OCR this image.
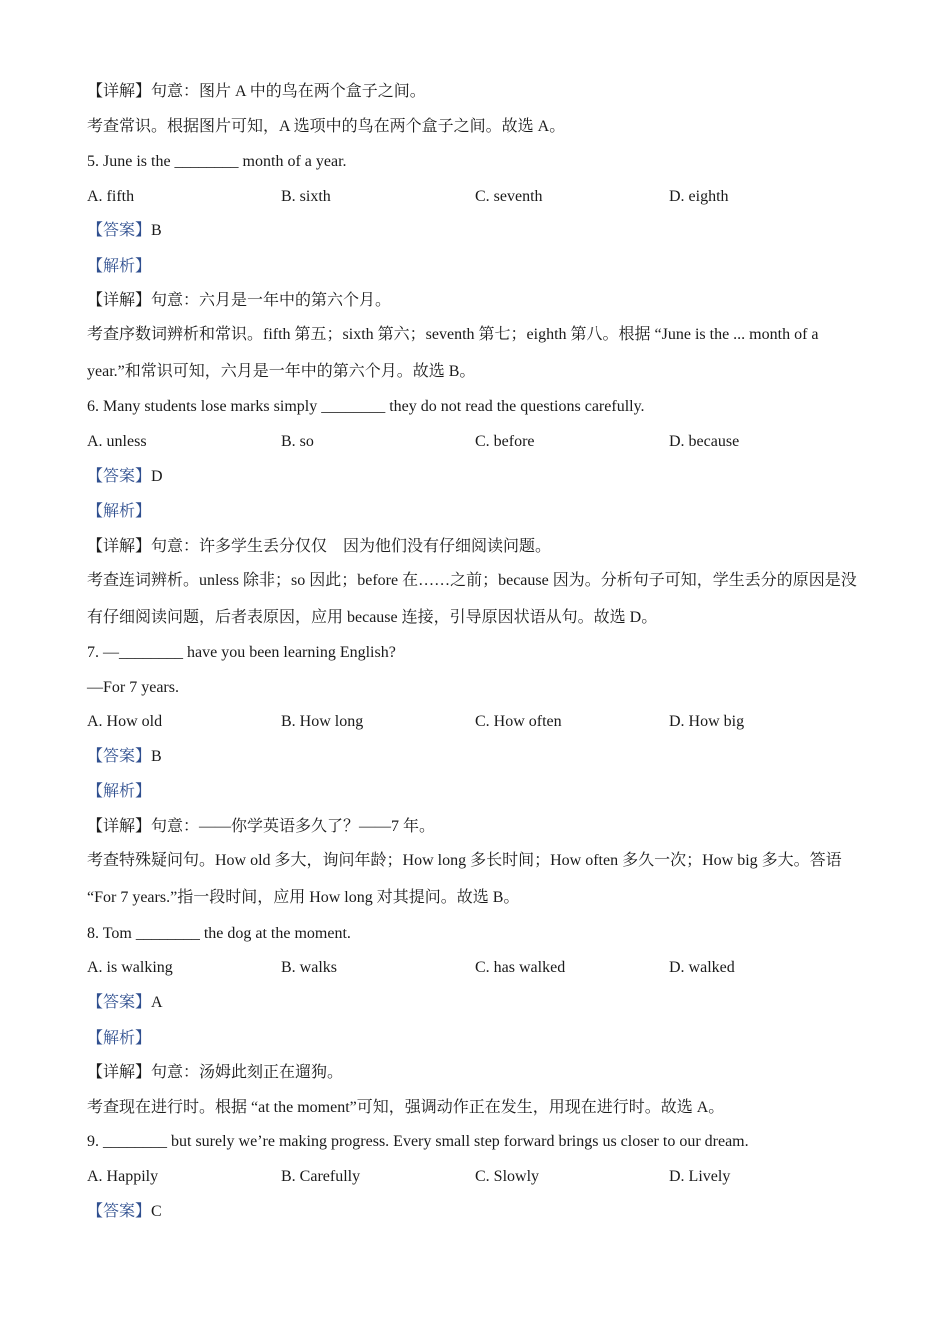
【详解】句意：图片 A 中的鸟在两个盒子之间。
考查常识。根据图片可知，A 选项中的鸟在两个盒子之间。故选 A。
5. June is the ________ month of a year.
A. fifth	B. sixth	C. seventh	D. eighth
【答案】B
【解析】
【详解】句意：六月是一年中的第六个月。
考查序数词辨析和常识。fifth 第五；sixth 第六；seventh 第七；eighth 第八。根据 “June is the ... month of a year.”和常识可知，六月是一年中的第六个月。故选 B。
6. Many students lose marks simply ________ they do not read the questions carefully.
A. unless	B. so	C. before	D. because
【答案】D
【解析】
【详解】句意：许多学生丢分仅仅　因为他们没有仔细阅读问题。
考查连词辨析。unless 除非；so 因此；before 在……之前；because 因为。分析句子可知，学生丢分的原因是没有仔细阅读问题，后者表原因，应用 because 连接，引导原因状语从句。故选 D。
7. —________ have you been learning English?
—For 7 years.
A. How old	B. How long	C. How often	D. How big
【答案】B
【解析】
【详解】句意：——你学英语多久了？——7 年。
考查特殊疑问句。How old 多大，询问年龄；How long 多长时间；How often 多久一次；How big 多大。答语 “For 7 years.”指一段时间，应用 How long 对其提问。故选 B。
8. Tom ________ the dog at the moment.
A. is walking	B. walks	C. has walked	D. walked
【答案】A
【解析】
【详解】句意：汤姆此刻正在遛狗。
考查现在进行时。根据 “at the moment”可知，强调动作正在发生，用现在进行时。故选 A。
9. ________ but surely we’re making progress. Every small step forward brings us closer to our dream.
A. Happily	B. Carefully	C. Slowly	D. Lively
【答案】C
